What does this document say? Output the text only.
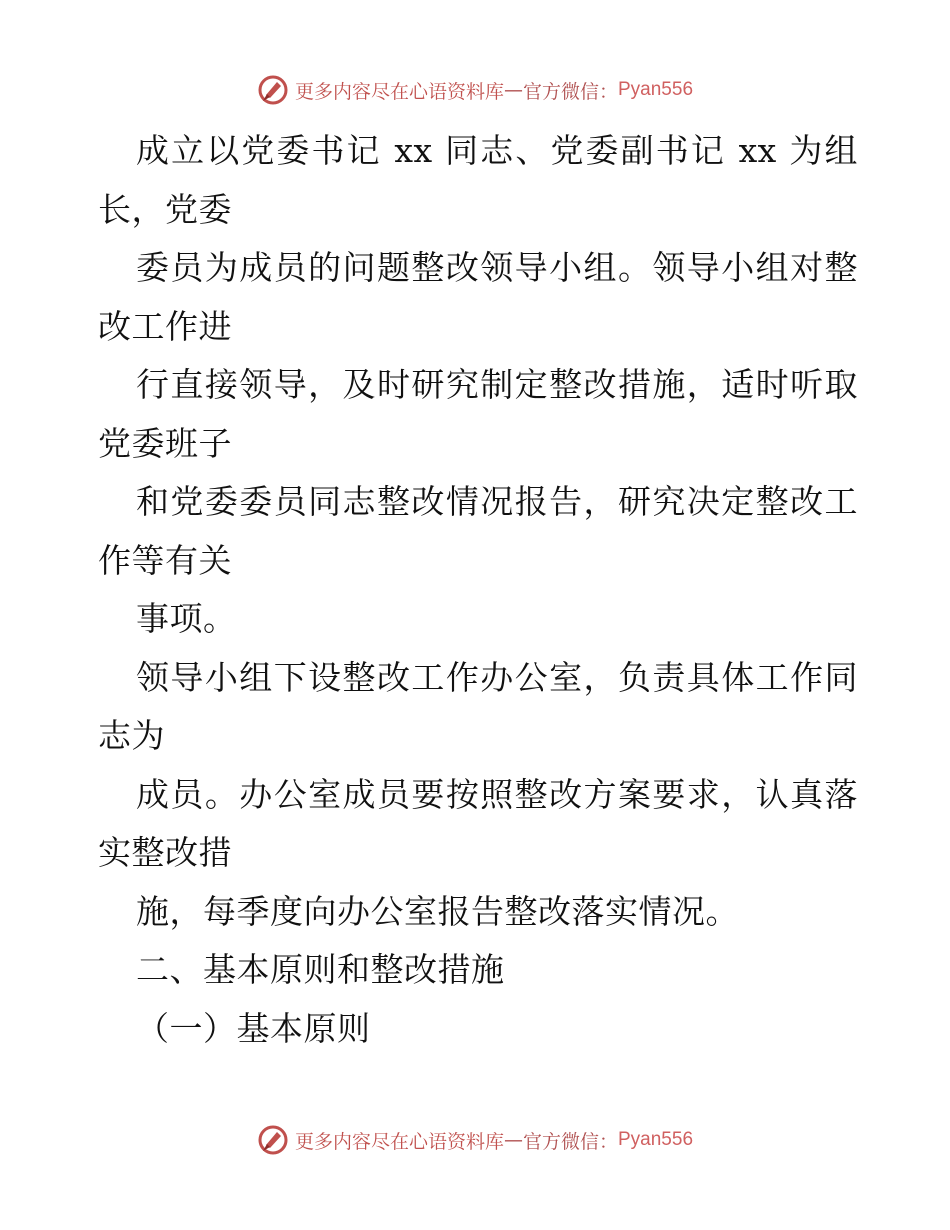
更多内容尽在心语资料库 — 官方微信： Pyan556
成立以党委书记 xx 同志、党委副书记 xx 为组
长，党委
委员为成员的问题整改领导小组。领导小组对整
改工作进
行直接领导，及时研究制定整改措施，适时听取
党委班子
和党委委员同志整改情况报告，研究决定整改工
作等有关
事项。
领导小组下设整改工作办公室，负责具体工作同
志为
成员。办公室成员要按照整改方案要求，认真落
实整改措
施，每季度向办公室报告整改落实情况。
二、基本原则和整改措施
（一）基本原则
更多内容尽在心语资料库 — 官方微信： Pyan556
